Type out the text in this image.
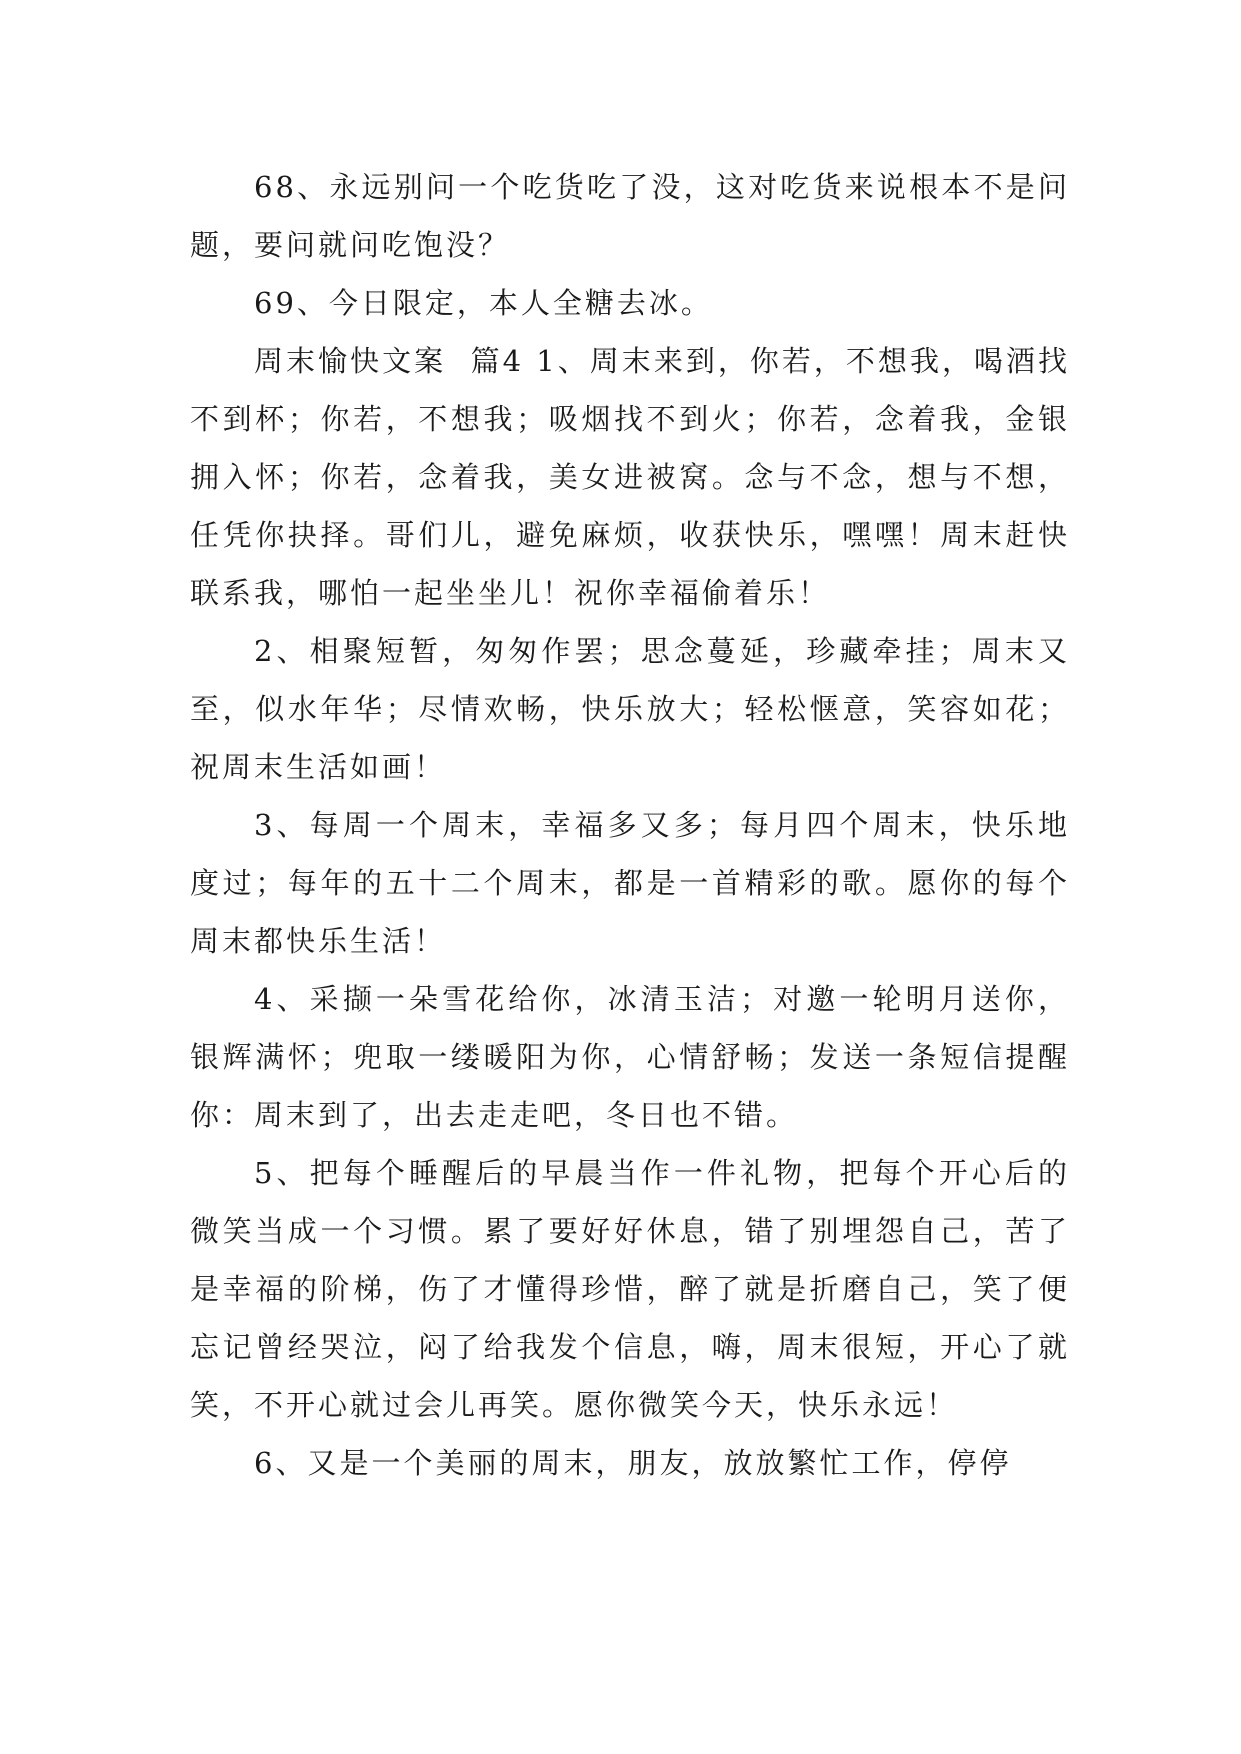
68、永远别问一个吃货吃了没，这对吃货来说根本不是问题，要问就问吃饱没？

69、今日限定，本人全糖去冰。

周末愉快文案  篇4 1、周末来到，你若，不想我，喝酒找不到杯；你若，不想我；吸烟找不到火；你若，念着我，金银拥入怀；你若，念着我，美女进被窝。念与不念，想与不想，任凭你抉择。哥们儿，避免麻烦，收获快乐，嘿嘿！周末赶快联系我，哪怕一起坐坐儿！祝你幸福偷着乐！

2、相聚短暂，匆匆作罢；思念蔓延，珍藏牵挂；周末又至，似水年华；尽情欢畅，快乐放大；轻松惬意，笑容如花；祝周末生活如画！

3、每周一个周末，幸福多又多；每月四个周末，快乐地度过；每年的五十二个周末，都是一首精彩的歌。愿你的每个周末都快乐生活！

4、采撷一朵雪花给你，冰清玉洁；对邀一轮明月送你，银辉满怀；兜取一缕暖阳为你，心情舒畅；发送一条短信提醒你：周末到了，出去走走吧，冬日也不错。

5、把每个睡醒后的早晨当作一件礼物，把每个开心后的微笑当成一个习惯。累了要好好休息，错了别埋怨自己，苦了是幸福的阶梯，伤了才懂得珍惜，醉了就是折磨自己，笑了便忘记曾经哭泣，闷了给我发个信息，嗨，周末很短，开心了就笑，不开心就过会儿再笑。愿你微笑今天，快乐永远！

6、又是一个美丽的周末，朋友，放放繁忙工作，停停
